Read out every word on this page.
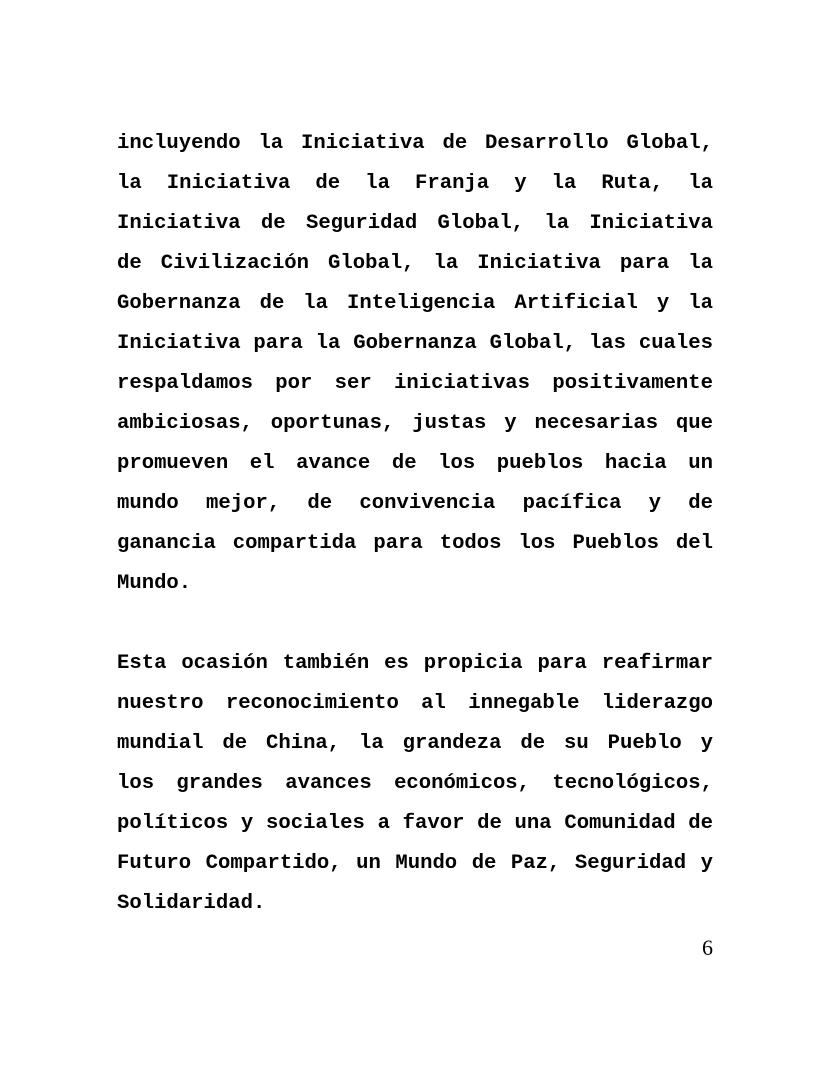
incluyendo la Iniciativa de Desarrollo Global,
la Iniciativa de la Franja y la Ruta, la
Iniciativa de Seguridad Global, la Iniciativa
de Civilización Global, la Iniciativa para la
Gobernanza de la Inteligencia Artificial y la
Iniciativa para la Gobernanza Global, las cuales
respaldamos por ser iniciativas positivamente
ambiciosas, oportunas, justas y necesarias que
promueven el avance de los pueblos hacia un
mundo mejor, de convivencia pacífica y de
ganancia compartida para todos los Pueblos del
Mundo.
Esta ocasión también es propicia para reafirmar
nuestro reconocimiento al innegable liderazgo
mundial de China, la grandeza de su Pueblo y
los grandes avances económicos, tecnológicos,
políticos y sociales a favor de una Comunidad de
Futuro Compartido, un Mundo de Paz, Seguridad y
Solidaridad.
6
